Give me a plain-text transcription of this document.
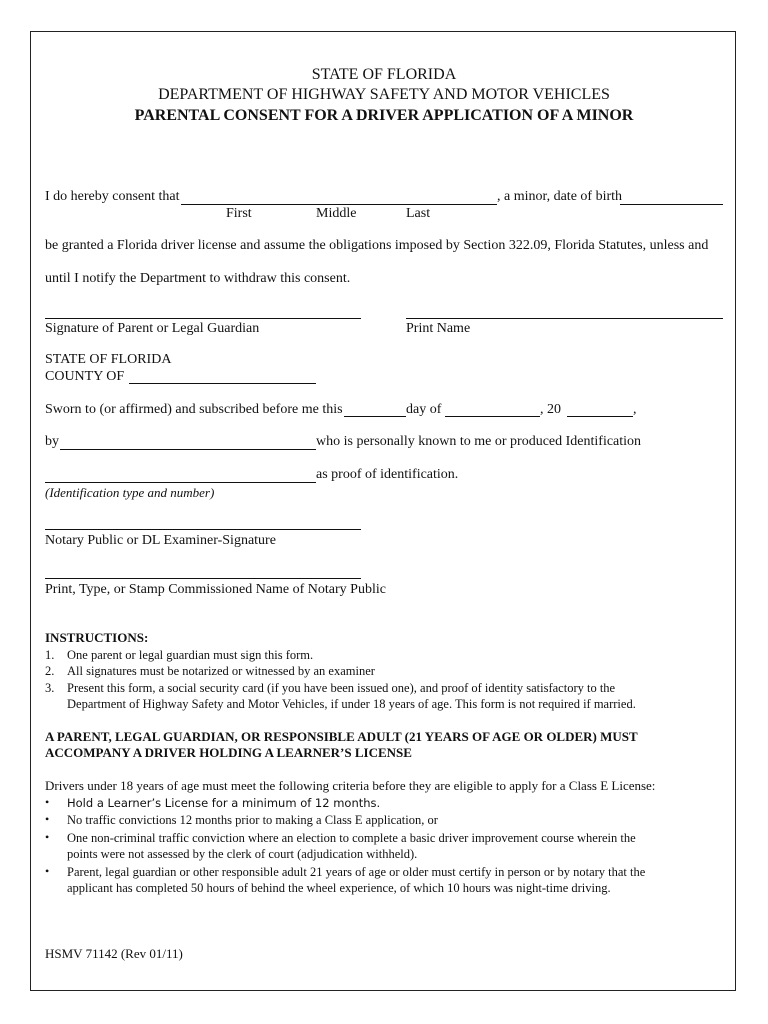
STATE OF FLORIDA
DEPARTMENT OF HIGHWAY SAFETY AND MOTOR VEHICLES
PARENTAL CONSENT FOR A DRIVER APPLICATION OF A MINOR
I do hereby consent that	, a minor, date of birth
First	Middle	Last
be granted a Florida driver license and assume the obligations imposed by Section 322.09, Florida Statutes, unless and
until I notify the Department to withdraw this consent.
Signature of Parent or Legal Guardian	Print Name
STATE OF FLORIDA
COUNTY OF
Sworn to (or affirmed) and subscribed before me this	day of	, 20	,
by	who is personally known to me or produced Identification
as proof of identification.
(Identification type and number)
Notary Public or DL Examiner-Signature
Print, Type, or Stamp Commissioned Name of Notary Public
INSTRUCTIONS:
1. One parent or legal guardian must sign this form.
2. All signatures must be notarized or witnessed by an examiner
3. Present this form, a social security card (if you have been issued one), and proof of identity satisfactory to the
Department of Highway Safety and Motor Vehicles, if under 18 years of age. This form is not required if married.
A PARENT, LEGAL GUARDIAN, OR RESPONSIBLE ADULT (21 YEARS OF AGE OR OLDER) MUST
ACCOMPANY A DRIVER HOLDING A LEARNER’S LICENSE
Drivers under 18 years of age must meet the following criteria before they are eligible to apply for a Class E License:
• Hold a Learner’s License for a minimum of 12 months.
• No traffic convictions 12 months prior to making a Class E application, or
• One non-criminal traffic conviction where an election to complete a basic driver improvement course wherein the
points were not assessed by the clerk of court (adjudication withheld).
• Parent, legal guardian or other responsible adult 21 years of age or older must certify in person or by notary that the
applicant has completed 50 hours of behind the wheel experience, of which 10 hours was night-time driving.
HSMV 71142 (Rev 01/11)
